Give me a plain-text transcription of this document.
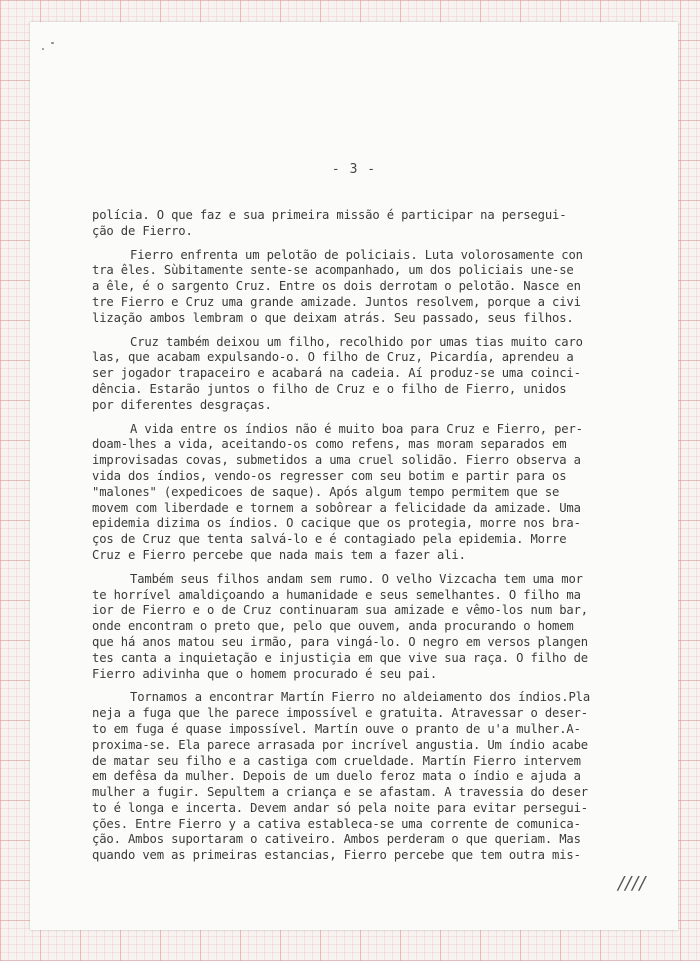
- 3 -
polícia. O que faz e sua primeira missão é participar na persegui-
ção de Fierro.
Fierro enfrenta um pelotão de policiais. Luta volorosamente con
tra êles. Sùbitamente sente-se acompanhado, um dos policiais une-se
a êle, é o sargento Cruz. Entre os dois derrotam o pelotão. Nasce en
tre Fierro e Cruz uma grande amizade. Juntos resolvem, porque a civi
lização ambos lembram o que deixam atrás. Seu passado, seus filhos.
Cruz também deixou um filho, recolhido por umas tias muito caro
las, que acabam expulsando-o. O filho de Cruz, Picardía, aprendeu a
ser jogador trapaceiro e acabará na cadeia. Aí produz-se uma coinci-
dência. Estarão juntos o filho de Cruz e o filho de Fierro, unidos
por diferentes desgraças.
A vida entre os índios não é muito boa para Cruz e Fierro, per-
doam-lhes a vida, aceitando-os como refens, mas moram separados em
improvisadas covas, submetidos a uma cruel solidão. Fierro observa a
vida dos índios, vendo-os regresser com seu botim e partir para os
"malones" (expedicoes de saque). Após algum tempo permitem que se
movem com liberdade e tornem a sobôrear a felicidade da amizade. Uma
epidemia dizima os índios. O cacique que os protegia, morre nos bra-
ços de Cruz que tenta salvá-lo e é contagiado pela epidemia. Morre
Cruz e Fierro percebe que nada mais tem a fazer ali.
Também seus filhos andam sem rumo. O velho Vizcacha tem uma mor
te horrível amaldiçoando a humanidade e seus semelhantes. O filho ma
ior de Fierro e o de Cruz continuaram sua amizade e vêmo-los num bar,
onde encontram o preto que, pelo que ouvem, anda procurando o homem
que há anos matou seu irmão, para vingá-lo. O negro em versos plangen
tes canta a inquietação e injustiçia em que vive sua raça. O filho de
Fierro adivinha que o homem procurado é seu pai.
Tornamos a encontrar Martín Fierro no aldeiamento dos índios.Pla
neja a fuga que lhe parece impossível e gratuita. Atravessar o deser-
to em fuga é quase impossível. Martín ouve o pranto de u'a mulher.A-
proxima-se. Ela parece arrasada por incrível angustia. Um índio acabe
de matar seu filho e a castiga com crueldade. Martín Fierro intervem
em defêsa da mulher. Depois de um duelo feroz mata o índio e ajuda a
mulher a fugir. Sepultem a criança e se afastam. A travessia do deser
to é longa e incerta. Devem andar só pela noite para evitar persegui-
ções. Entre Fierro y a cativa estableca-se uma corrente de comunica-
ção. Ambos suportaram o cativeiro. Ambos perderam o que queriam. Mas
quando vem as primeiras estancias, Fierro percebe que tem outra mis-
////
